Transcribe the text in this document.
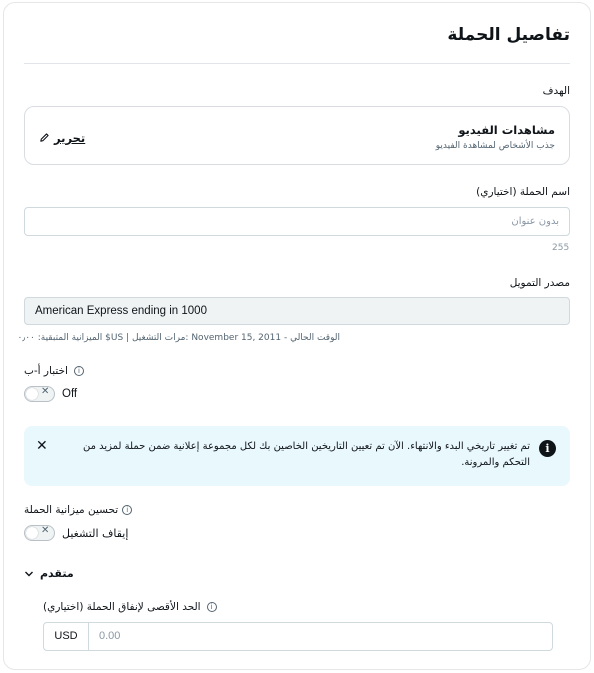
تفاصيل الحملة
الهدف
مشاهدات الفيديو
جذب الأشخاص لمشاهدة الفيديو
تحرير
اسم الحملة (اختياري)
بدون عنوان
255
مصدر التمويل
American Express ending in 1000
الوقت الحالي - November 15, 2011 :مرات التشغيل | US$ الميزانية المتبقية: ٠٫٠٠
اختبار أ-ب	i
✕ Off
i
تم تغيير تاريخي البدء والانتهاء. الآن تم تعيين التاريخين الخاصين بك لكل مجموعة إعلانية ضمن حملة لمزيد من التحكم والمرونة.
✕
تحسين ميزانية الحملة	i
✕ إيقاف التشغيل
متقدم
الحد الأقصى لإنفاق الحملة (اختياري)	i
USD	0.00
